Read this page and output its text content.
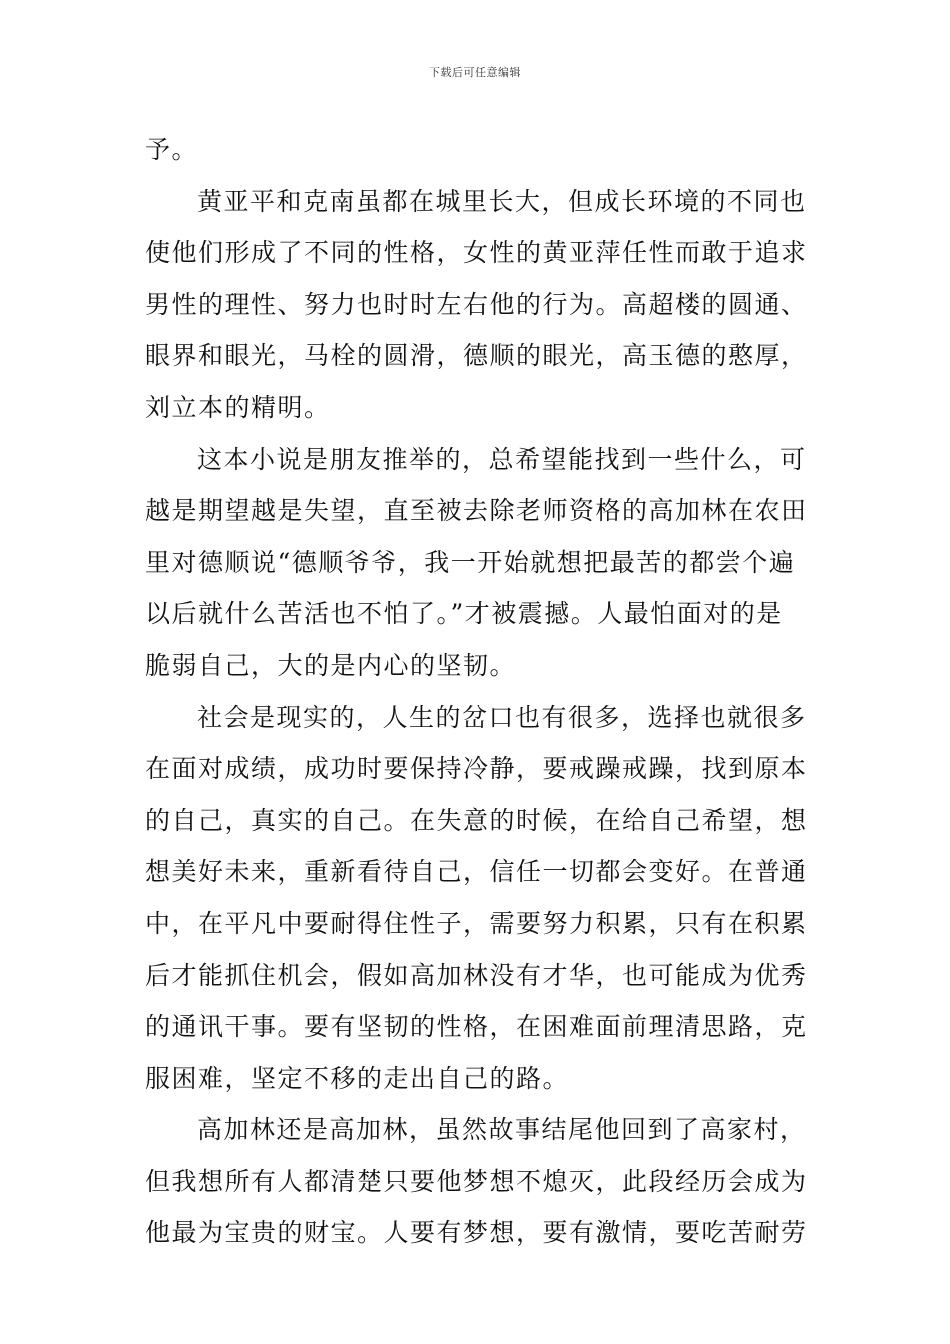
下载后可任意编辑
予。
黄亚平和克南虽都在城里长大，但成长环境的不同也
使他们形成了不同的性格，女性的黄亚萍任性而敢于追求
男性的理性、努力也时时左右他的行为。高超楼的圆通、
眼界和眼光，马栓的圆滑，德顺的眼光，高玉德的憨厚，
刘立本的精明。
这本小说是朋友推举的，总希望能找到一些什么，可
越是期望越是失望，直至被去除老师资格的高加林在农田
里对德顺说“德顺爷爷，我一开始就想把最苦的都尝个遍
以后就什么苦活也不怕了。”才被震撼。人最怕面对的是
脆弱自己，大的是内心的坚韧。
社会是现实的，人生的岔口也有很多，选择也就很多
在面对成绩，成功时要保持冷静，要戒躁戒躁，找到原本
的自己，真实的自己。在失意的时候，在给自己希望，想
想美好未来，重新看待自己，信任一切都会变好。在普通
中，在平凡中要耐得住性子，需要努力积累，只有在积累
后才能抓住机会，假如高加林没有才华，也可能成为优秀
的通讯干事。要有坚韧的性格，在困难面前理清思路，克
服困难，坚定不移的走出自己的路。
高加林还是高加林，虽然故事结尾他回到了高家村，
但我想所有人都清楚只要他梦想不熄灭，此段经历会成为
他最为宝贵的财宝。人要有梦想，要有激情，要吃苦耐劳
